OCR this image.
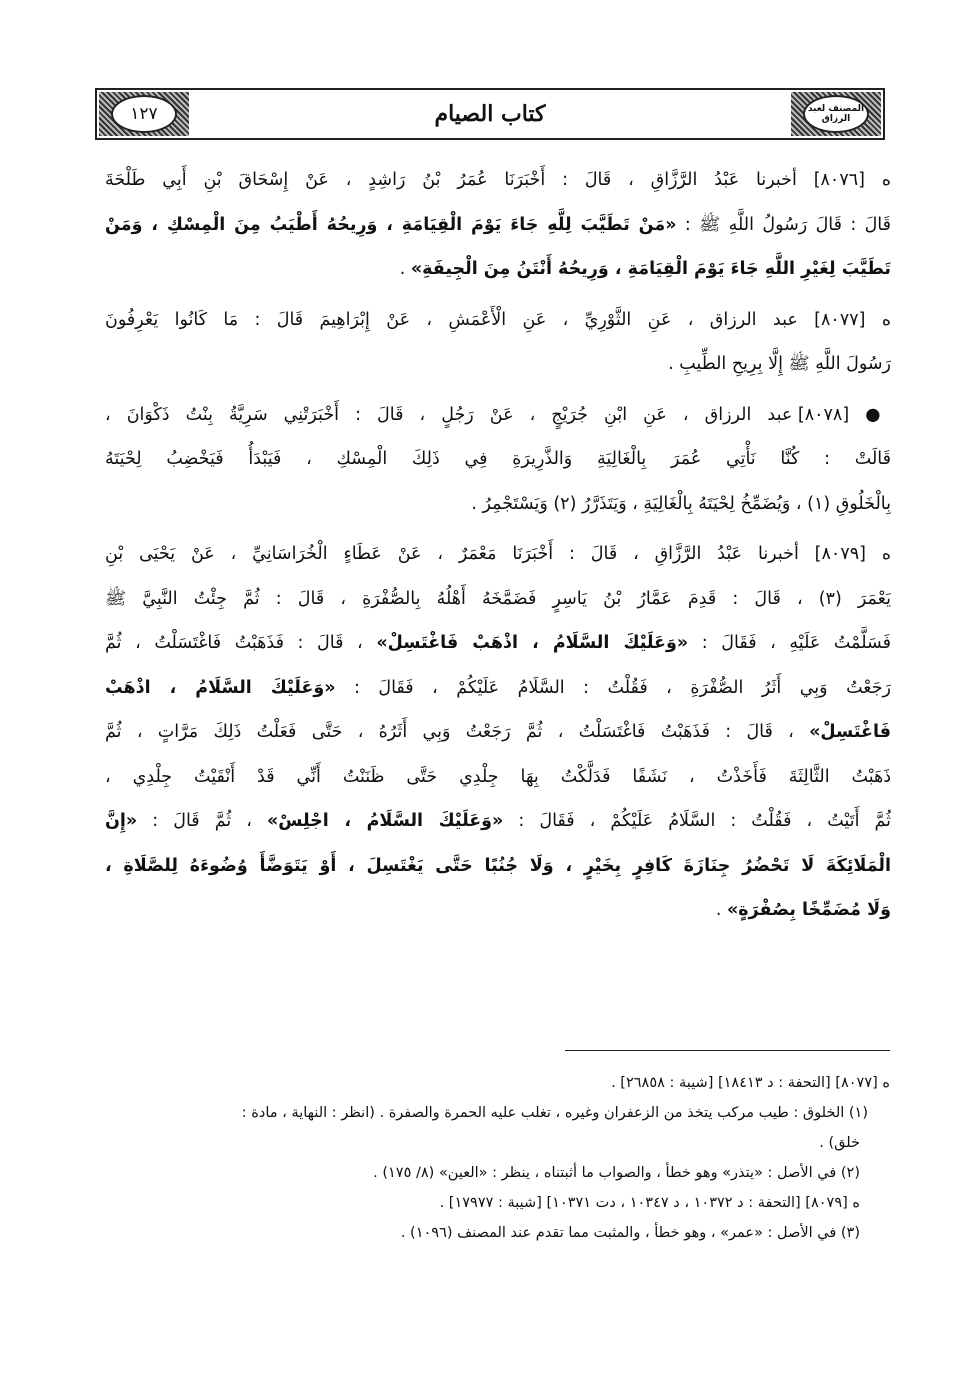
١٢٧	كتاب الصيام	المصنف لعبد الرزاق
ه [٨٠٧٦] أخبرنا عَبْدُ الرَّزَّاقِ ، قَالَ : أَخْبَرَنَا عُمَرُ بْنُ رَاشِدٍ ، عَنْ إِسْحَاقَ بْنِ أَبِي طَلْحَةَ
قَالَ : قَالَ رَسُولُ اللَّهِ ﷺ : «مَنْ تَطَيَّبَ لِلَّهِ جَاءَ يَوْمَ الْقِيَامَةِ ، وَرِيحُهُ أَطْيَبُ مِنَ الْمِسْكِ ، وَمَنْ
تَطَيَّبَ لِغَيْرِ اللَّهِ جَاءَ يَوْمَ الْقِيَامَةِ ، وَرِيحُهُ أَنْتَنُ مِنَ الْجِيفَةِ» .
ه [٨٠٧٧] عبد الرزاق ، عَنِ الثَّوْرِيِّ ، عَنِ الْأَعْمَشِ ، عَنْ إِبْرَاهِيمَ قَالَ : مَا كَانُوا يَعْرِفُونَ
رَسُولَ اللَّهِ ﷺ إِلَّا بِرِيحِ الطِّيبِ .
● [٨٠٧٨] عبد الرزاق ، عَنِ ابْنِ جُرَيْجٍ ، عَنْ رَجُلٍ ، قَالَ : أَخْبَرَتْنِي سَرِيَّةُ بِنْتُ ذَكْوَانَ ،
قَالَتْ : كُنَّا نَأْتِي عُمَرَ بِالْغَالِيَةِ وَالذَّرِيرَةِ فِي ذَلِكَ الْمِسْكِ ، فَيَبْدَأُ فَيَخْضِبُ لِحْيَتَهُ
بِالْخَلُوقِ (١) ، وَيُضَمِّخُ لِحْيَتَهُ بِالْغَالِيَةِ ، وَيَتَذَرَّرُ (٢) وَيَسْتَجْمِرُ .
ه [٨٠٧٩] أخبرنا عَبْدُ الرَّزَّاقِ ، قَالَ : أَخْبَرَنَا مَعْمَرٌ ، عَنْ عَطَاءٍ الْخُرَاسَانِيِّ ، عَنْ يَحْيَى بْنِ
يَعْمَرَ (٣) ، قَالَ : قَدِمَ عَمَّارُ بْنُ يَاسِرٍ فَضَمَّخَهُ أَهْلُهُ بِالصُّفْرَةِ ، قَالَ : ثُمَّ جِئْتُ النَّبِيَّ ﷺ
فَسَلَّمْتُ عَلَيْهِ ، فَقَالَ : «وَعَلَيْكَ السَّلَامُ ، اذْهَبْ فَاغْتَسِلْ» ، قَالَ : فَذَهَبْتُ فَاغْتَسَلْتُ ، ثُمَّ
رَجَعْتُ وَبِي أَثَرُ الصُّفْرَةِ ، فَقُلْتُ : السَّلَامُ عَلَيْكُمْ ، فَقَالَ : «وَعَلَيْكَ السَّلَامُ ، اذْهَبْ
فَاغْتَسِلْ» ، قَالَ : فَذَهَبْتُ فَاغْتَسَلْتُ ، ثُمَّ رَجَعْتُ وَبِي أَثَرُهُ ، حَتَّى فَعَلْتُ ذَلِكَ مَرَّاتٍ ، ثُمَّ
ذَهَبْتُ الثَّالِثَةَ فَأَخَذْتُ ، نَشَفًا فَدَلَّكْتُ بِهَا جِلْدِي حَتَّى ظَنَنْتُ أَنِّي قَدْ أَنْقَيْتُ جِلْدِي ،
ثُمَّ أَتَيْتُ ، فَقُلْتُ : السَّلَامُ عَلَيْكُمْ ، فَقَالَ : «وَعَلَيْكَ السَّلَامُ ، اجْلِسْ» ، ثُمَّ قَالَ : «إِنَّ
الْمَلَائِكَةَ لَا تَحْضُرُ جِنَازَةَ كَافِرٍ بِخَيْرٍ ، وَلَا جُنُبًا حَتَّى يَغْتَسِلَ ، أَوْ يَتَوَضَّأَ وُضُوءَهُ لِلصَّلَاةِ ،
وَلَا مُضَمِّخًا بِصُفْرَةٍ» .
ه [٨٠٧٧] [التحفة : د ١٨٤١٣] [شيبة : ٢٦٨٥٨] .
(١) الخلوق : طيب مركب يتخذ من الزعفران وغيره ، تغلب عليه الحمرة والصفرة . (انظر : النهاية ، مادة :
خلق) .
(٢) في الأصل : «يتذر» وهو خطأ ، والصواب ما أثبتناه ، ينظر : «العين» (٨/ ١٧٥) .
ه [٨٠٧٩] [التحفة : د ١٠٣٧٢ ، د ١٠٣٤٧ ، دت ١٠٣٧١] [شيبة : ١٧٩٧٧] .
(٣) في الأصل : «عمر» ، وهو خطأ ، والمثبت مما تقدم عند المصنف (١٠٩٦) .
